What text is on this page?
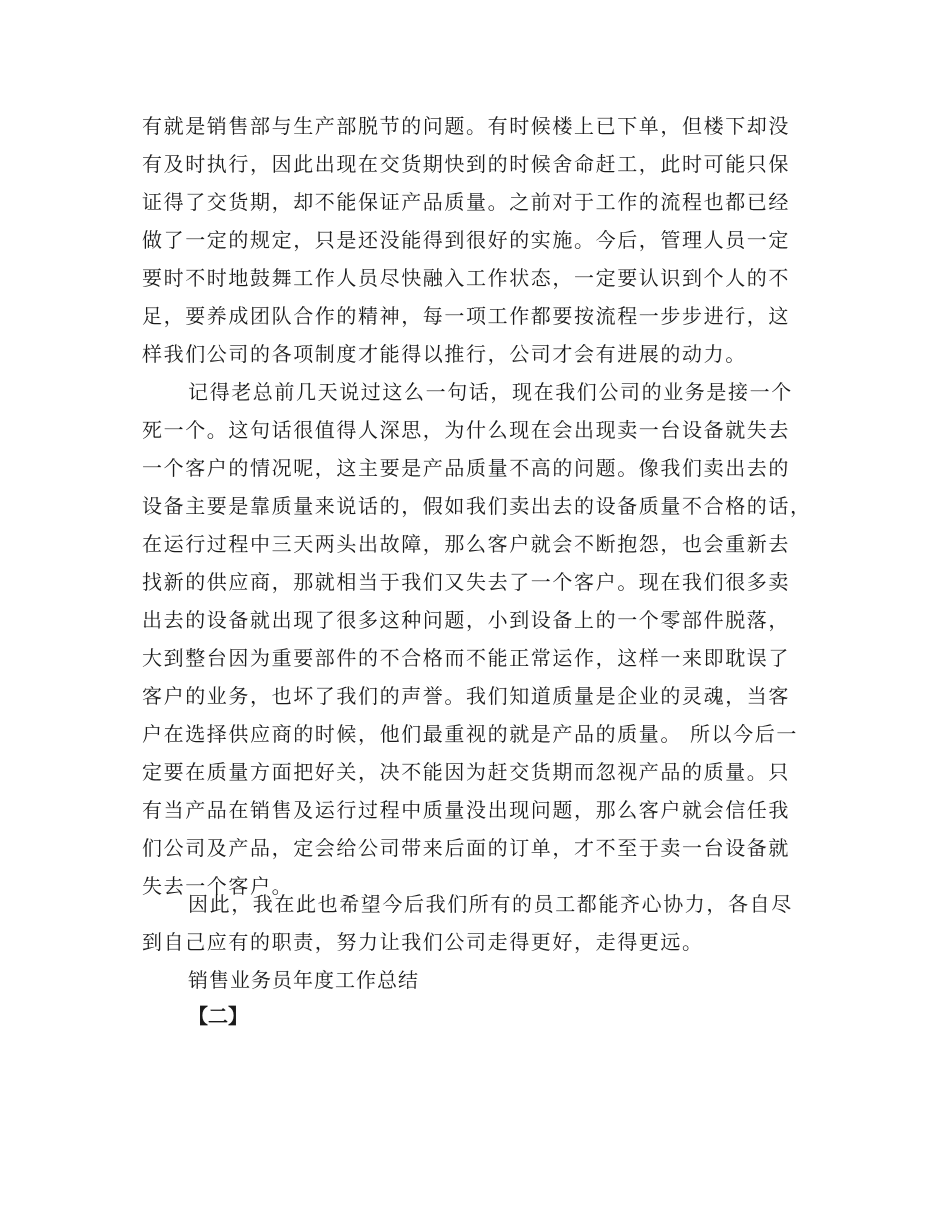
有就是销售部与生产部脱节的问题。有时候楼上已下单，但楼下却没
有及时执行，因此出现在交货期快到的时候舍命赶工，此时可能只保
证得了交货期，却不能保证产品质量。之前对于工作的流程也都已经
做了一定的规定，只是还没能得到很好的实施。今后，管理人员一定
要时不时地鼓舞工作人员尽快融入工作状态，一定要认识到个人的不
足，要养成团队合作的精神，每一项工作都要按流程一步步进行，这
样我们公司的各项制度才能得以推行，公司才会有进展的动力。
记得老总前几天说过这么一句话，现在我们公司的业务是接一个
死一个。这句话很值得人深思，为什么现在会出现卖一台设备就失去
一个客户的情况呢，这主要是产品质量不高的问题。像我们卖出去的
设备主要是靠质量来说话的，假如我们卖出去的设备质量不合格的话，
在运行过程中三天两头出故障，那么客户就会不断抱怨，也会重新去
找新的供应商，那就相当于我们又失去了一个客户。现在我们很多卖
出去的设备就出现了很多这种问题，小到设备上的一个零部件脱落，
大到整台因为重要部件的不合格而不能正常运作，这样一来即耽误了
客户的业务，也坏了我们的声誉。我们知道质量是企业的灵魂，当客
户在选择供应商的时候，他们最重视的就是产品的质量。 所以今后一
定要在质量方面把好关，决不能因为赶交货期而忽视产品的质量。只
有当产品在销售及运行过程中质量没出现问题，那么客户就会信任我
们公司及产品，定会给公司带来后面的订单，才不至于卖一台设备就
失去一个客户。
因此，我在此也希望今后我们所有的员工都能齐心协力，各自尽
到自己应有的职责，努力让我们公司走得更好，走得更远。
销售业务员年度工作总结
【二】
